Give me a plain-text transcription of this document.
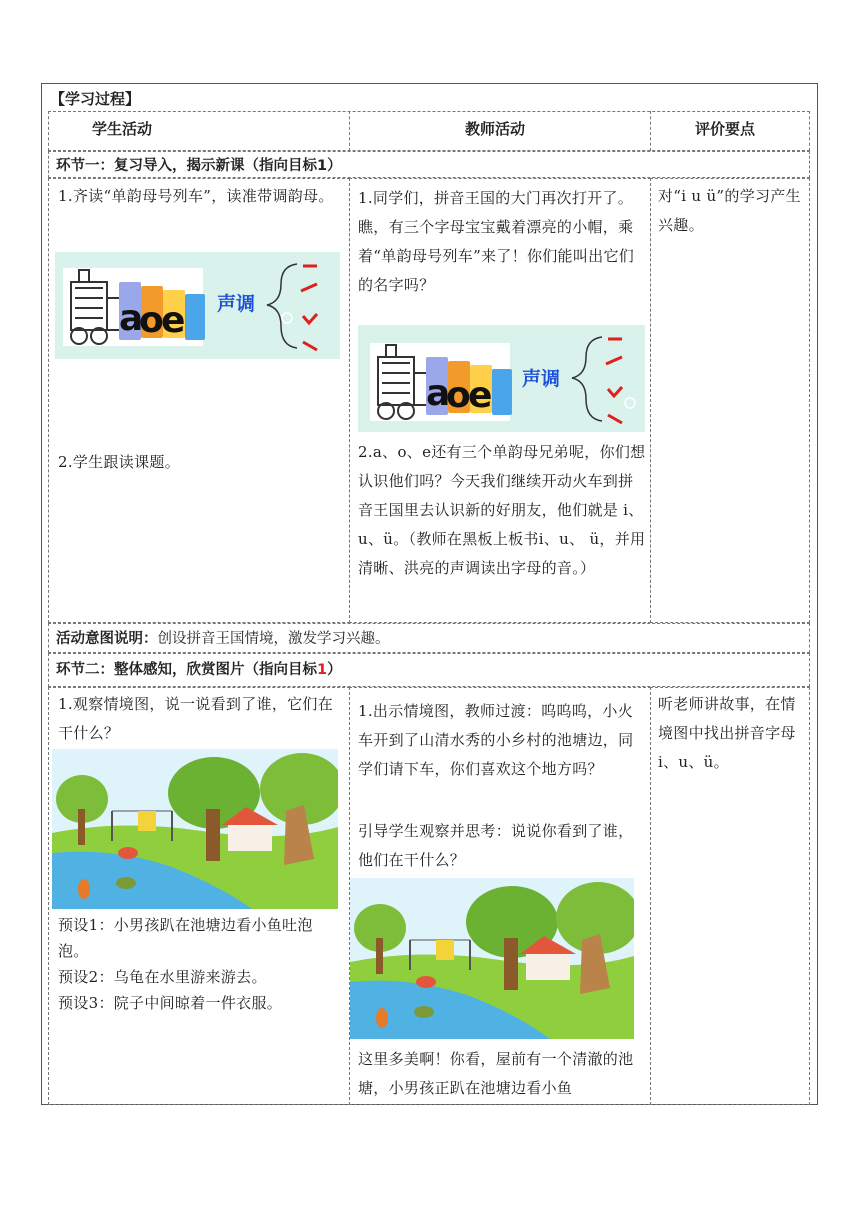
【学习过程】
学生活动	教师活动	评价要点
环节一：复习导入，揭示新课（指向目标1）
1.齐读“单韵母号列车”，读准带调韵母。
a
o
e 声调
2.学生跟读课题。
1.同学们，拼音王国的大门再次打开了。瞧，有三个字母宝宝戴着漂亮的小帽，乘着“单韵母号列车”来了！你们能叫出它们的名字吗？
a
o
e 声调
2.a、o、e还有三个单韵母兄弟呢，你们想认识他们吗？今天我们继续开动火车到拼音王国里去认识新的好朋友，他们就是 i、u、ü。（教师在黑板上板书i、u、 ü，并用清晰、洪亮的声调读出字母的音。）
对“i u ü”的学习产生兴趣。
活动意图说明：创设拼音王国情境，激发学习兴趣。
环节二：整体感知，欣赏图片（指向目标1）
1.观察情境图，说一说看到了谁，它们在干什么？
预设1：小男孩趴在池塘边看小鱼吐泡泡。
预设2：乌龟在水里游来游去。
预设3：院子中间晾着一件衣服。
1.出示情境图，教师过渡：呜呜呜，小火车开到了山清水秀的小乡村的池塘边，同学们请下车，你们喜欢这个地方吗？
引导学生观察并思考：说说你看到了谁，他们在干什么？
这里多美啊！你看，屋前有一个清澈的池塘，小男孩正趴在池塘边看小鱼
听老师讲故事，在情境图中找出拼音字母 i、u、ü。
